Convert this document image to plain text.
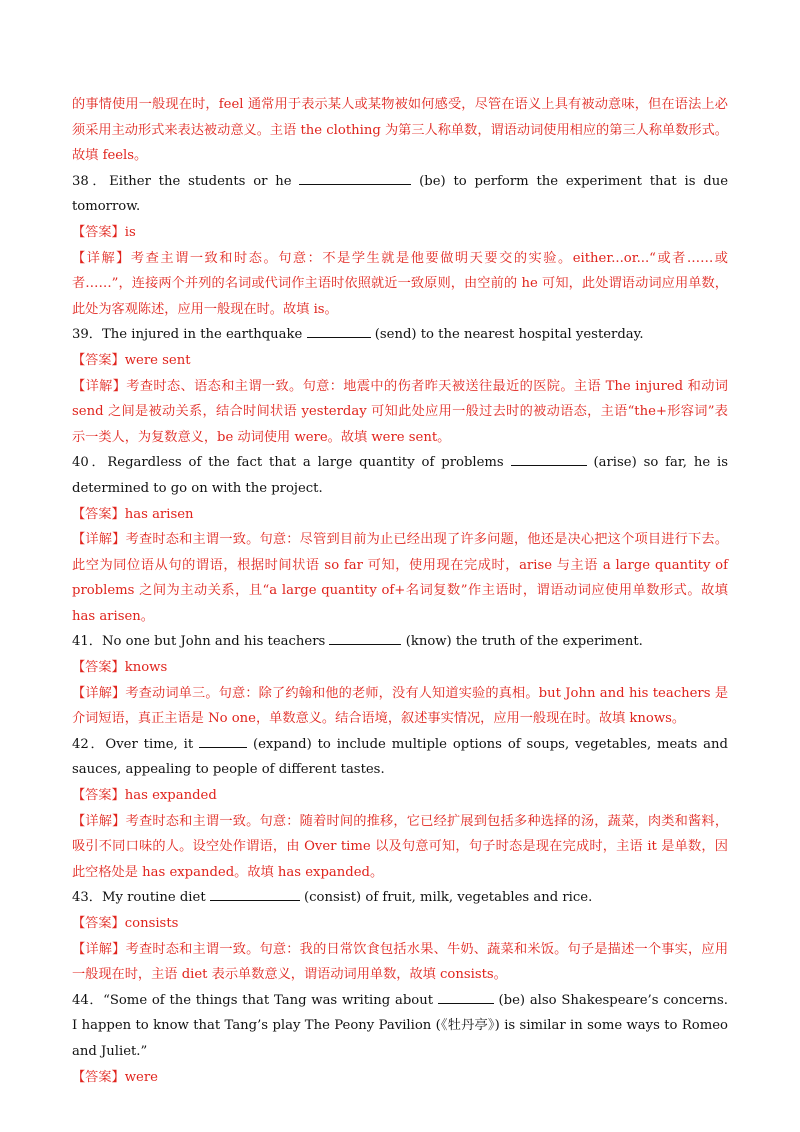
的事情使用一般现在时，feel 通常用于表示某人或某物被如何感受，尽管在语义上具有被动意味，但在语法上必须采用主动形式来表达被动意义。主语 the clothing 为第三人称单数，谓语动词使用相应的第三人称单数形式。故填 feels。

38．Either the students or he	(be) to perform the experiment that is due tomorrow.

【答案】is

【详解】考查主谓一致和时态。句意：不是学生就是他要做明天要交的实验。either...or...“或者……或者……”，连接两个并列的名词或代词作主语时依照就近一致原则，由空前的 he 可知，此处谓语动词应用单数，此处为客观陈述，应用一般现在时。故填 is。

39．The injured in the earthquake	(send) to the nearest hospital yesterday.

【答案】were sent

【详解】考查时态、语态和主谓一致。句意：地震中的伤者昨天被送往最近的医院。主语 The injured 和动词 send 之间是被动关系，结合时间状语 yesterday 可知此处应用一般过去时的被动语态，主语“the+形容词”表示一类人，为复数意义，be 动词使用 were。故填 were sent。

40．Regardless of the fact that a large quantity of problems	(arise) so far, he is determined to go on with the project.

【答案】has arisen

【详解】考查时态和主谓一致。句意：尽管到目前为止已经出现了许多问题，他还是决心把这个项目进行下去。此空为同位语从句的谓语，根据时间状语 so far 可知，使用现在完成时，arise 与主语 a large quantity of problems 之间为主动关系，且“a large quantity of+名词复数”作主语时，谓语动词应使用单数形式。故填 has arisen。

41．No one but John and his teachers	(know) the truth of the experiment.

【答案】knows

【详解】考查动词单三。句意：除了约翰和他的老师，没有人知道实验的真相。but John and his teachers 是介词短语，真正主语是 No one，单数意义。结合语境，叙述事实情况，应用一般现在时。故填 knows。

42．Over time, it	(expand) to include multiple options of soups, vegetables, meats and sauces, appealing to people of different tastes.

【答案】has expanded

【详解】考查时态和主谓一致。句意：随着时间的推移，它已经扩展到包括多种选择的汤，蔬菜，肉类和酱料，吸引不同口味的人。设空处作谓语，由 Over time 以及句意可知，句子时态是现在完成时，主语 it 是单数，因此空格处是 has expanded。故填 has expanded。

43．My routine diet	(consist) of fruit, milk, vegetables and rice.

【答案】consists

【详解】考查时态和主谓一致。句意：我的日常饮食包括水果、牛奶、蔬菜和米饭。句子是描述一个事实，应用一般现在时，主语 diet 表示单数意义，谓语动词用单数，故填 consists。

44．“Some of the things that Tang was writing about	(be) also Shakespeare’s concerns. I happen to know that Tang’s play The Peony Pavilion (《牡丹亭》) is similar in some ways to Romeo and Juliet.”

【答案】were
